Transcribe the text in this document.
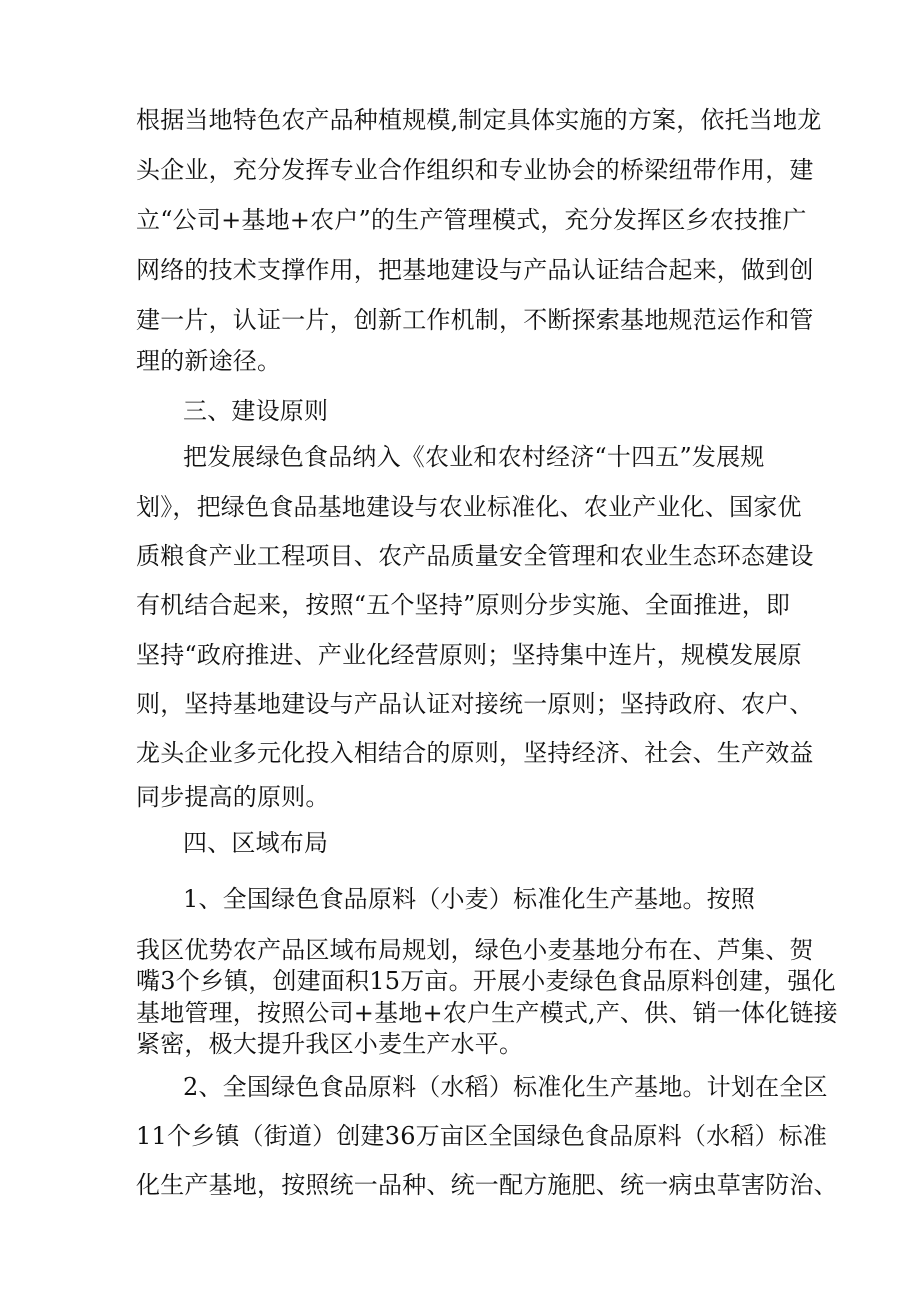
根据当地特色农产品种植规模,制定具体实施的方案，依托当地龙
头企业，充分发挥专业合作组织和专业协会的桥梁纽带作用，建
立“公司+基地+农户”的生产管理模式，充分发挥区乡农技推广
网络的技术支撑作用，把基地建设与产品认证结合起来，做到创
建一片，认证一片，创新工作机制，不断探索基地规范运作和管
理的新途径。
三、建设原则
把发展绿色食品纳入《农业和农村经济“十四五”发展规
划》，把绿色食品基地建设与农业标准化、农业产业化、国家优
质粮食产业工程项目、农产品质量安全管理和农业生态环态建设
有机结合起来，按照“五个坚持”原则分步实施、全面推进，即
坚持“政府推进、产业化经营原则；坚持集中连片，规模发展原
则，坚持基地建设与产品认证对接统一原则；坚持政府、农户、
龙头企业多元化投入相结合的原则，坚持经济、社会、生产效益
同步提高的原则。
四、区域布局
1、全国绿色食品原料（小麦）标准化生产基地。按照
我区优势农产品区域布局规划，绿色小麦基地分布在、芦集、贺
嘴3个乡镇，创建面积15万亩。开展小麦绿色食品原料创建，强化
基地管理，按照公司+基地+农户生产模式,产、供、销一体化链接
紧密，极大提升我区小麦生产水平。
2、全国绿色食品原料（水稻）标准化生产基地。计划在全区
11个乡镇（街道）创建36万亩区全国绿色食品原料（水稻）标准
化生产基地，按照统一品种、统一配方施肥、统一病虫草害防治、
